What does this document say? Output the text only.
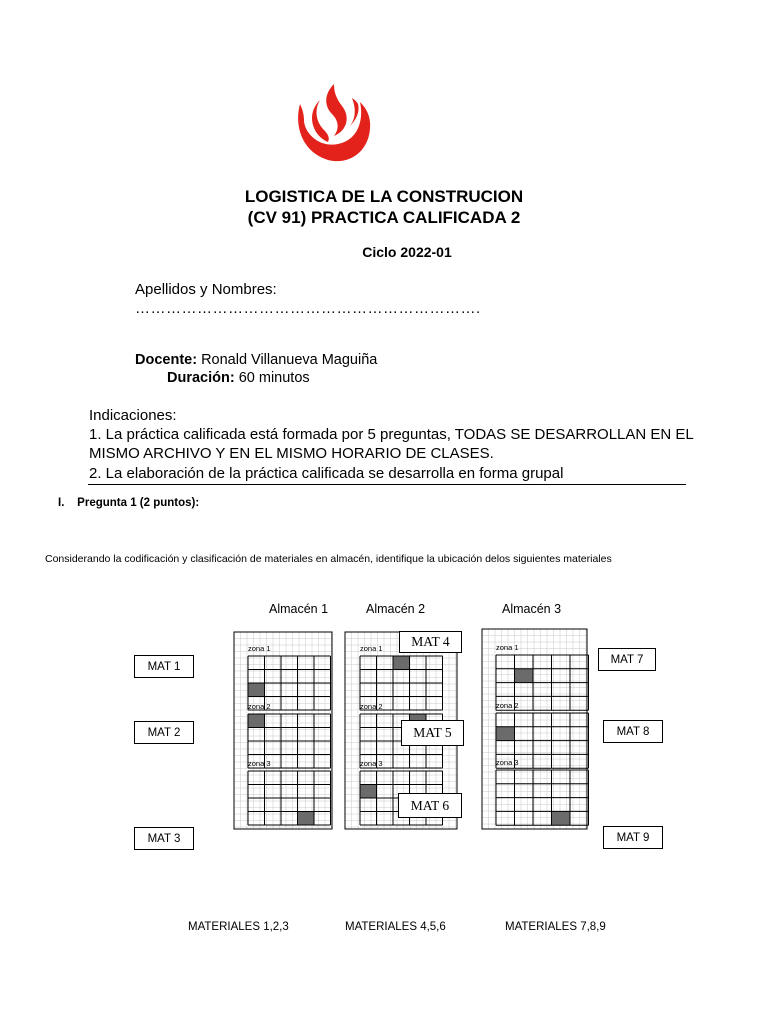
LOGISTICA DE LA CONSTRUCION
(CV 91) PRACTICA CALIFICADA 2
Ciclo 2022-01
Apellidos y Nombres:
………………………………………………………….
Docente: Ronald Villanueva Maguiña
Duración: 60 minutos
Indicaciones:
1. La práctica calificada está formada por 5 preguntas, TODAS SE DESARROLLAN EN EL
MISMO ARCHIVO Y EN EL MISMO HORARIO DE CLASES.
2. La elaboración de la práctica calificada se desarrolla en forma grupal
I. Pregunta 1 (2 puntos):
Considerando la codificación y clasificación de materiales en almacén, identifique la ubicación delos siguientes materiales
Almacén 1	Almacén 2	Almacén 3
zona 1
zona 2
zona 3
zona 1
zona 2
zona 3
zona 1
zona 2
zona 3
MAT 1
MAT 2
MAT 3
MAT 4
MAT 5
MAT 6
MAT 7
MAT 8
MAT 9
MATERIALES 1,2,3	MATERIALES 4,5,6	MATERIALES 7,8,9
